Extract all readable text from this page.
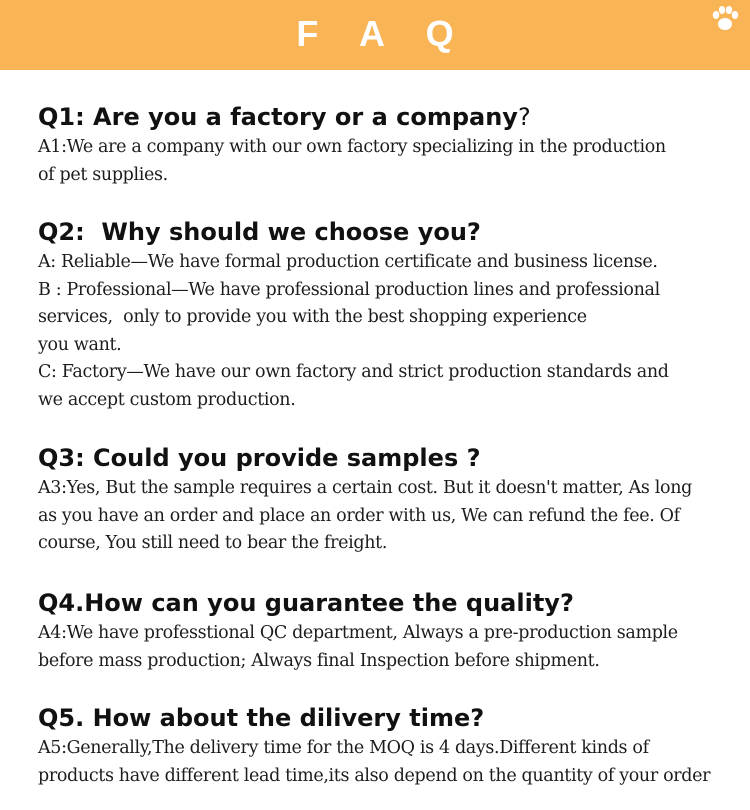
F A Q

Q1: Are you a factory or a company?

A1:We are a company with our own factory specializing in the production

of pet supplies.

Q2:  Why should we choose you?

A: Reliable—We have formal production certificate and business license.

B : Professional—We have professional production lines and professional

services,  only to provide you with the best shopping experience

you want.

C: Factory—We have our own factory and strict production standards and

we accept custom production.

Q3: Could you provide samples ?

A3:Yes, But the sample requires a certain cost. But it doesn't matter, As long

as you have an order and place an order with us, We can refund the fee. Of

course, You still need to bear the freight.

Q4.How can you guarantee the quality?

A4:We have professtional QC department, Always a pre-production sample

before mass production; Always final Inspection before shipment.

Q5. How about the dilivery time?

A5:Generally,The delivery time for the MOQ is 4 days.Different kinds of

products have different lead time,its also depend on the quantity of your order
